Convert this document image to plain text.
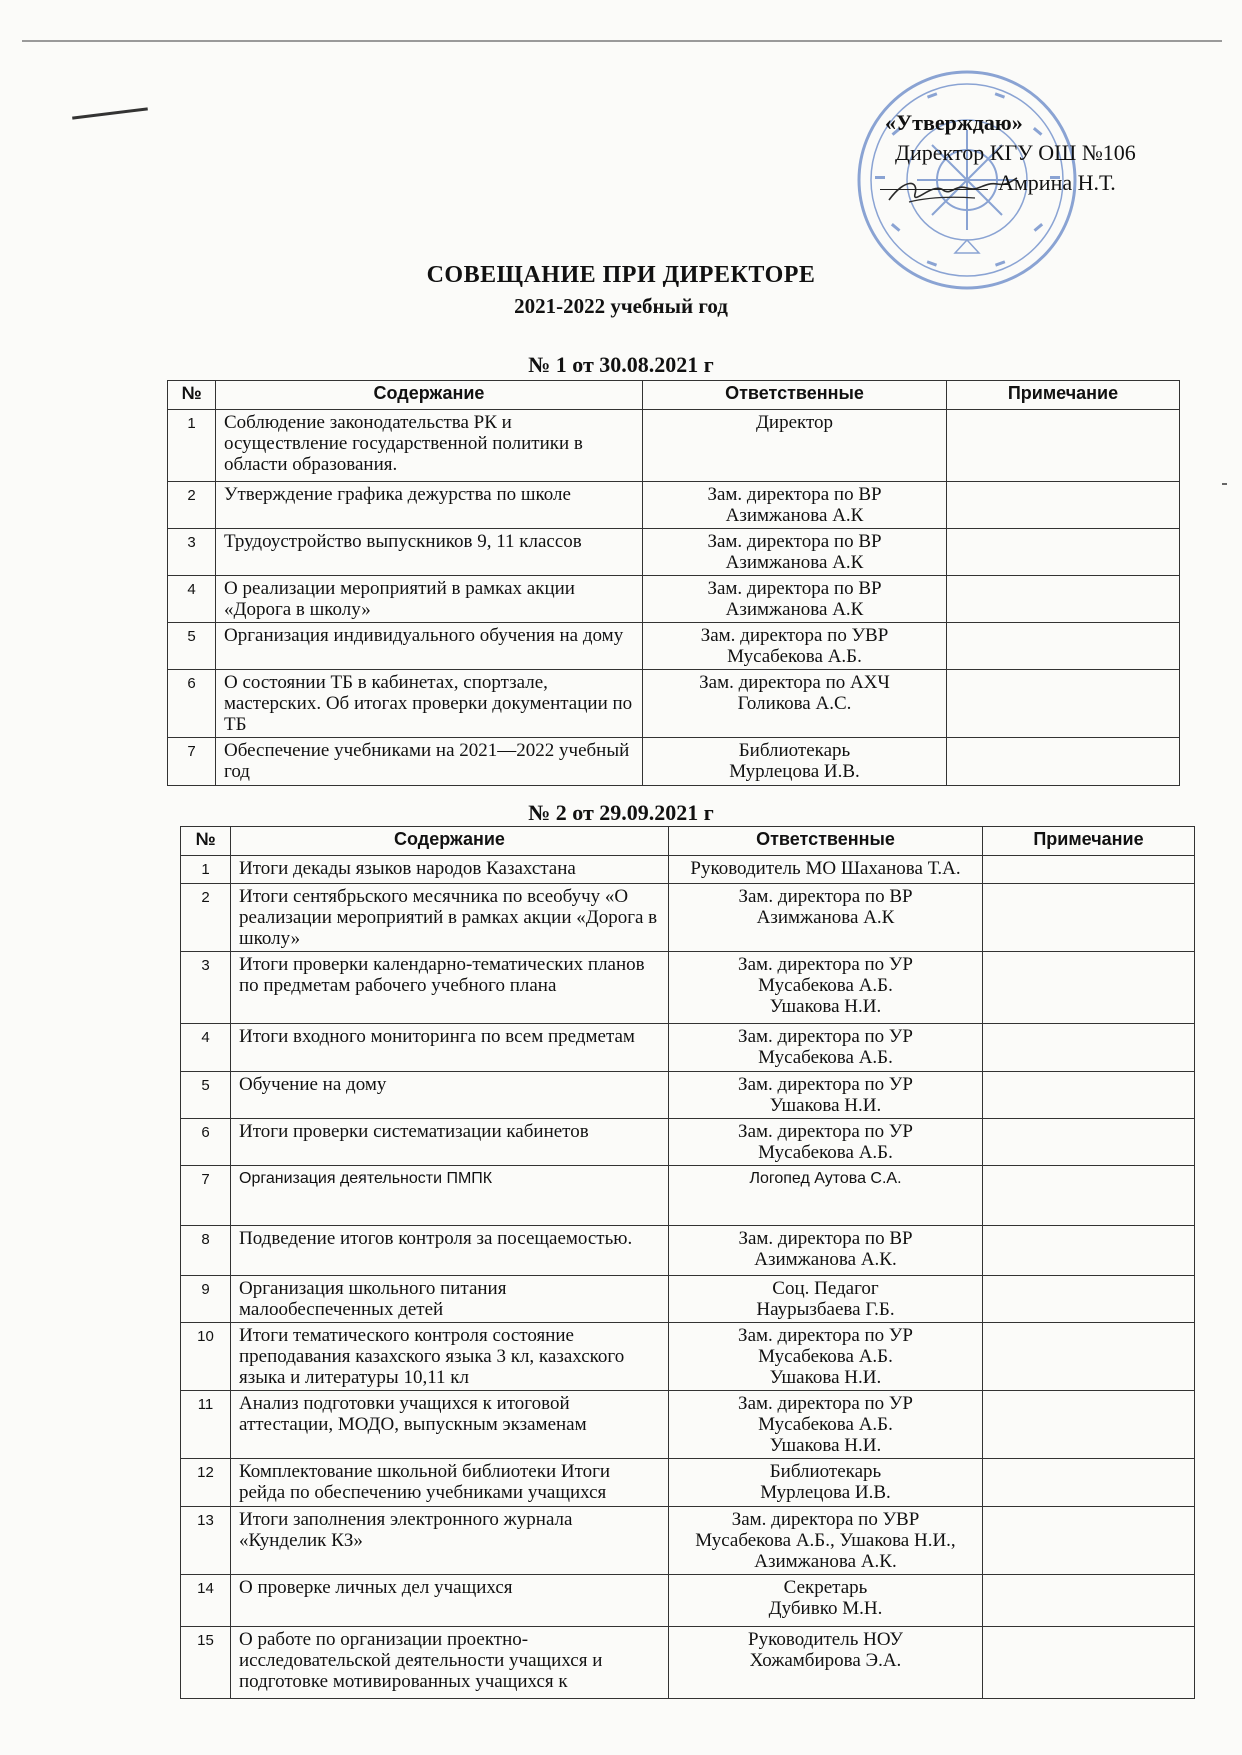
«Утверждаю»
Директор КГУ ОШ №106
Амрина Н.Т.
СОВЕЩАНИЕ ПРИ ДИРЕКТОРЕ
2021-2022 учебный год
№ 1 от 30.08.2021 г
№	Содержание	Ответственные	Примечание
1	Соблюдение законодательства РК и осуществление государственной политики в области образования.	Директор	
2	Утверждение графика дежурства по школе	Зам. директора по ВР
Азимжанова А.К	
3	Трудоустройство выпускников 9, 11 классов	Зам. директора по ВР
Азимжанова А.К	
4	О реализации мероприятий в рамках акции «Дорога в школу»	Зам. директора по ВР
Азимжанова А.К	
5	Организация индивидуального обучения на дому	Зам. директора по УВР
Мусабекова А.Б.	
6	О состоянии ТБ в кабинетах, спортзале, мастерских. Об итогах проверки документации по ТБ	Зам. директора по АХЧ
Голикова А.С.	
7	Обеспечение учебниками на 2021—2022 учебный год	Библиотекарь
Мурлецова И.В.	
№ 2 от 29.09.2021 г
№	Содержание	Ответственные	Примечание
1	Итоги декады языков народов Казахстана	Руководитель МО Шаханова Т.А.	
2	Итоги сентябрьского месячника по всеобучу «О реализации мероприятий в рамках акции «Дорога в школу»	Зам. директора по ВР
Азимжанова А.К	
3	Итоги проверки календарно-тематических планов по предметам рабочего учебного плана	Зам. директора по УР
Мусабекова А.Б.
Ушакова Н.И.	
4	Итоги входного мониторинга по всем предметам	Зам. директора по УР
Мусабекова А.Б.	
5	Обучение на дому	Зам. директора по УР
Ушакова Н.И.	
6	Итоги проверки систематизации кабинетов	Зам. директора по УР
Мусабекова А.Б.	
7	Организация деятельности ПМПК	Логопед Аутова С.А.	
8	Подведение итогов контроля за посещаемостью.	Зам. директора по ВР
Азимжанова А.К.	
9	Организация школьного питания малообеспеченных детей	Соц. Педагог
Наурызбаева Г.Б.	
10	Итоги тематического контроля состояние преподавания казахского языка 3 кл, казахского языка и литературы 10,11 кл	Зам. директора по УР
Мусабекова А.Б.
Ушакова Н.И.	
11	Анализ подготовки учащихся к итоговой аттестации, МОДО, выпускным экзаменам	Зам. директора по УР
Мусабекова А.Б.
Ушакова Н.И.	
12	Комплектование школьной библиотеки Итоги рейда по обеспечению учебниками учащихся	Библиотекарь
Мурлецова И.В.	
13	Итоги заполнения электронного журнала «Кунделик КЗ»	Зам. директора по УВР
Мусабекова А.Б., Ушакова Н.И., Азимжанова А.К.	
14	О проверке личных дел учащихся	Секретарь
Дубивко М.Н.	
15	О работе по организации проектно-исследовательской деятельности учащихся и подготовке мотивированных учащихся к	Руководитель НОУ
Хожамбирова Э.А.	
